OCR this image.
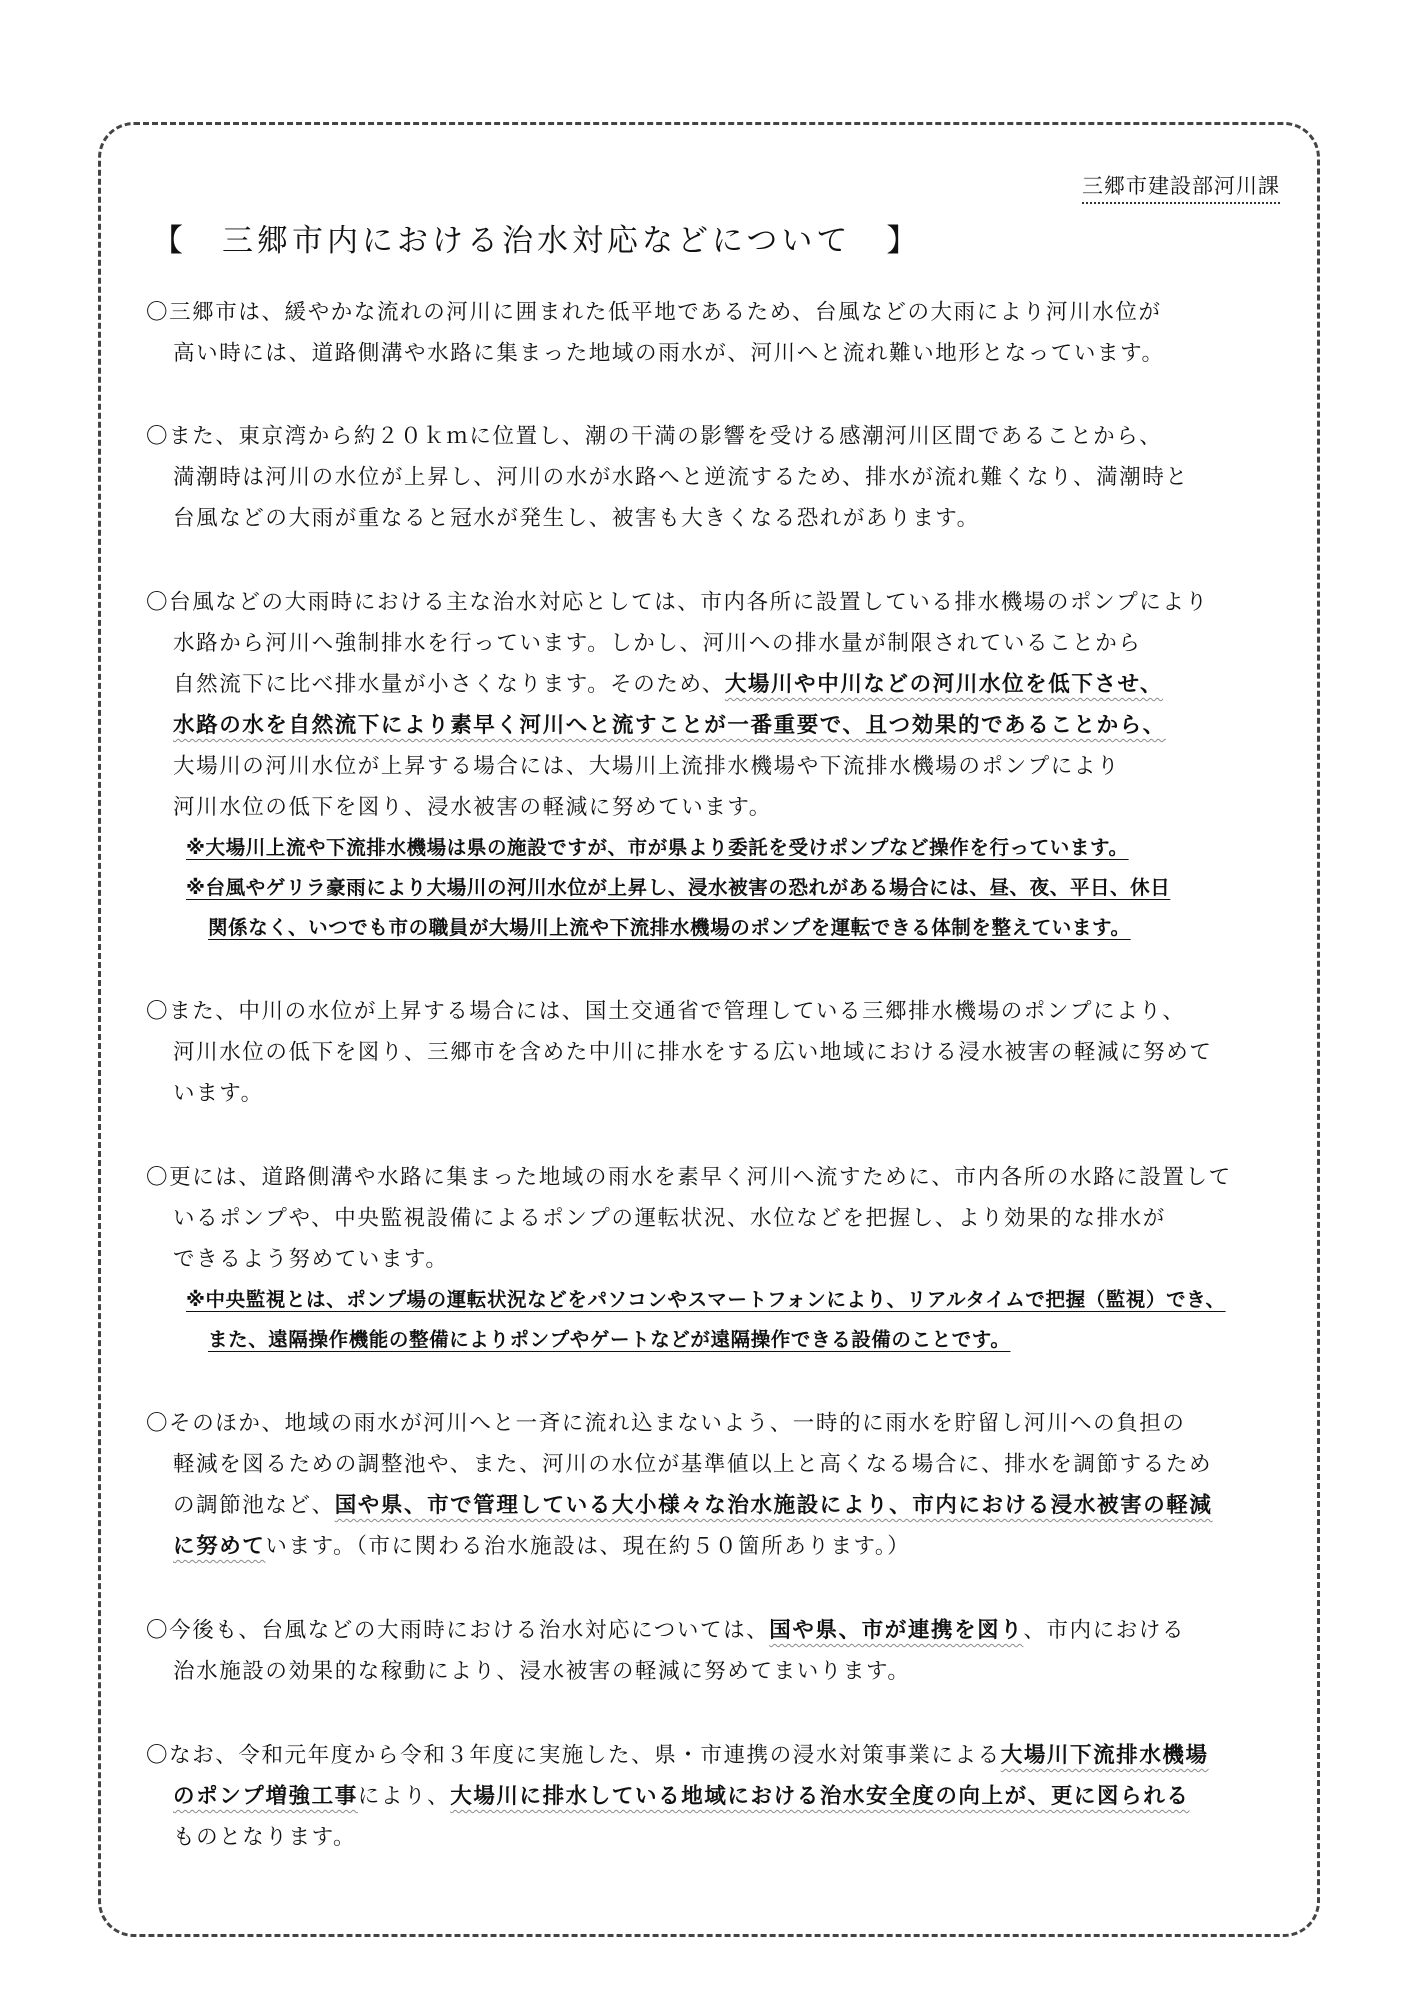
三郷市建設部河川課
【　三郷市内における治水対応などについて　】
〇三郷市は、緩やかな流れの河川に囲まれた低平地であるため、台風などの大雨により河川水位が
高い時には、道路側溝や水路に集まった地域の雨水が、河川へと流れ難い地形となっています。
〇また、東京湾から約２０ｋｍに位置し、潮の干満の影響を受ける感潮河川区間であることから、
満潮時は河川の水位が上昇し、河川の水が水路へと逆流するため、排水が流れ難くなり、満潮時と
台風などの大雨が重なると冠水が発生し、被害も大きくなる恐れがあります。
〇台風などの大雨時における主な治水対応としては、市内各所に設置している排水機場のポンプにより
水路から河川へ強制排水を行っています。しかし、河川への排水量が制限されていることから
自然流下に比べ排水量が小さくなります。そのため、大場川や中川などの河川水位を低下させ、
水路の水を自然流下により素早く河川へと流すことが一番重要で、且つ効果的であることから、
大場川の河川水位が上昇する場合には、大場川上流排水機場や下流排水機場のポンプにより
河川水位の低下を図り、浸水被害の軽減に努めています。
※大場川上流や下流排水機場は県の施設ですが、市が県より委託を受けポンプなど操作を行っています。
※台風やゲリラ豪雨により大場川の河川水位が上昇し、浸水被害の恐れがある場合には、昼、夜、平日、休日
関係なく、いつでも市の職員が大場川上流や下流排水機場のポンプを運転できる体制を整えています。
〇また、中川の水位が上昇する場合には、国土交通省で管理している三郷排水機場のポンプにより、
河川水位の低下を図り、三郷市を含めた中川に排水をする広い地域における浸水被害の軽減に努めて
います。
〇更には、道路側溝や水路に集まった地域の雨水を素早く河川へ流すために、市内各所の水路に設置して
いるポンプや、中央監視設備によるポンプの運転状況、水位などを把握し、より効果的な排水が
できるよう努めています。
※中央監視とは、ポンプ場の運転状況などをパソコンやスマートフォンにより、リアルタイムで把握（監視）でき、
また、遠隔操作機能の整備によりポンプやゲートなどが遠隔操作できる設備のことです。
〇そのほか、地域の雨水が河川へと一斉に流れ込まないよう、一時的に雨水を貯留し河川への負担の
軽減を図るための調整池や、また、河川の水位が基準値以上と高くなる場合に、排水を調節するため
の調節池など、国や県、市で管理している大小様々な治水施設により、市内における浸水被害の軽減
に努めています。（市に関わる治水施設は、現在約５０箇所あります。）
〇今後も、台風などの大雨時における治水対応については、国や県、市が連携を図り、市内における
治水施設の効果的な稼動により、浸水被害の軽減に努めてまいります。
〇なお、令和元年度から令和３年度に実施した、県・市連携の浸水対策事業による大場川下流排水機場
のポンプ増強工事により、大場川に排水している地域における治水安全度の向上が、更に図られる
ものとなります。
